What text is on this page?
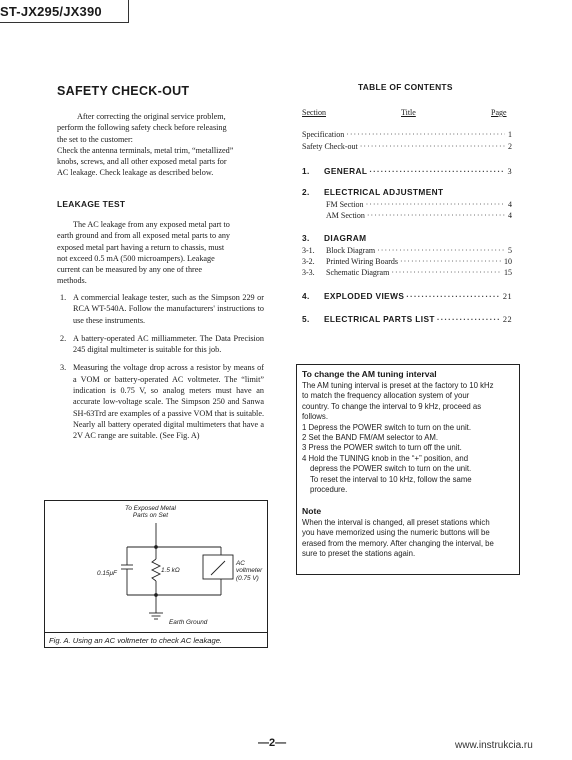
ST-JX295/JX390
SAFETY CHECK-OUT
After correcting the original service problem,
perform the following safety check before releasing
the set to the customer:
Check the antenna terminals, metal trim, “metallized”
knobs, screws, and all other exposed metal parts for
AC leakage. Check leakage as described below.
LEAKAGE TEST
The AC leakage from any exposed metal part to
earth ground and from all exposed metal parts to any
exposed metal part having a return to chassis, must
not exceed 0.5 mA (500 microampers). Leakage
current can be measured by any one of three
methods.
1. A commercial leakage tester, such as the Simpson 229 or RCA WT-540A. Follow the manufacturers' instructions to use these instruments.
2. A battery-operated AC milliammeter. The Data Precision 245 digital multimeter is suitable for this job.
3. Measuring the voltage drop across a resistor by means of a VOM or battery-operated AC voltmeter. The “limit” indication is 0.75 V, so analog meters must have an accurate low-voltage scale. The Simpson 250 and Sanwa SH-63Trd are examples of a passive VOM that is suitable. Nearly all battery operated digital multimeters that have a 2V AC range are suitable. (See Fig. A)
To Exposed Metal
Parts on Set
0.15μF	1.5 kΩ
AC
voltmeter
(0.75 V)
Earth Ground
Fig. A. Using an AC voltmeter to check AC leakage.
TABLE OF CONTENTS
Section	Title	Page
Specification ·····	1
Safety Check-out ·····	2
1. GENERAL ·····	3
2. ELECTRICAL ADJUSTMENT
FM Section ·····	4
AM Section ·····	4
3. DIAGRAM
3-1. Block Diagram ·····	5
3-2. Printed Wiring Boards ·····	10
3-3. Schematic Diagram ·····	15
4. EXPLODED VIEWS ·····	21
5. ELECTRICAL PARTS LIST ·····	22
To change the AM tuning interval

The AM tuning interval is preset at the factory to 10 kHz

to match the frequency allocation system of your

country. To change the interval to 9 kHz, proceed as

follows.

1 Depress the POWER switch to turn on the unit.

2 Set the BAND FM/AM selector to AM.

3 Press the POWER switch to turn off the unit.

4 Hold the TUNING knob in the “+” position, and

depress the POWER switch to turn on the unit.

To reset the interval to 10 kHz, follow the same

procedure.

Note

When the interval is changed, all preset stations which

you have memorized using the numeric buttons will be

erased from the memory. After changing the interval, be

sure to preset the stations again.

—2—	www.instrukcia.ru
